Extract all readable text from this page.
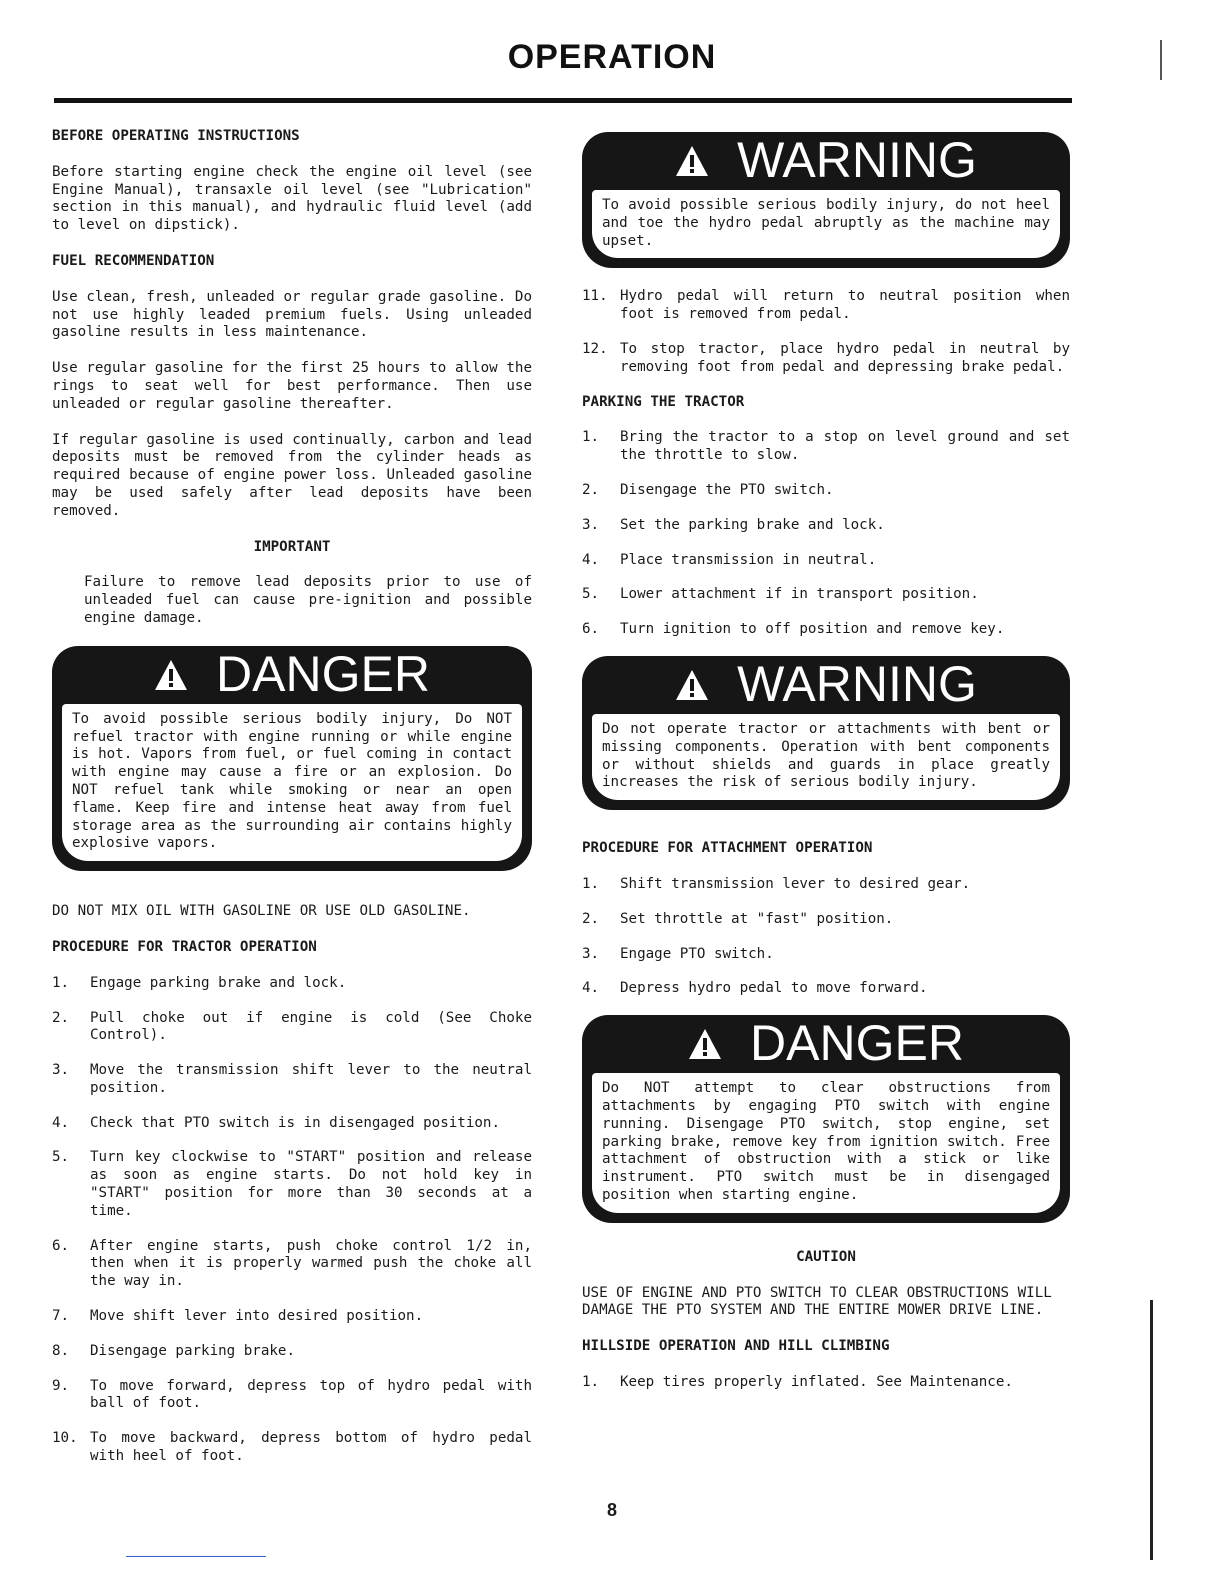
OPERATION
BEFORE OPERATING INSTRUCTIONS
Before starting engine check the engine oil level (see Engine Manual), transaxle oil level (see "Lubrication" section in this manual), and hydraulic fluid level (add to level on dipstick).
FUEL RECOMMENDATION
Use clean, fresh, unleaded or regular grade gasoline. Do not use highly leaded premium fuels. Using unleaded gasoline results in less maintenance.
Use regular gasoline for the first 25 hours to allow the rings to seat well for best performance. Then use unleaded or regular gasoline thereafter.
If regular gasoline is used continually, carbon and lead deposits must be removed from the cylinder heads as required because of engine power loss. Unleaded gasoline may be used safely after lead deposits have been removed.
IMPORTANT
Failure to remove lead deposits prior to use of unleaded fuel can cause pre-ignition and possible engine damage.
DANGER
To avoid possible serious bodily injury, Do NOT refuel tractor with engine running or while engine is hot. Vapors from fuel, or fuel coming in contact with engine may cause a fire or an explosion. Do NOT refuel tank while smoking or near an open flame. Keep fire and intense heat away from fuel storage area as the surrounding air contains highly explosive vapors.
DO NOT MIX OIL WITH GASOLINE OR USE OLD GASOLINE.
PROCEDURE FOR TRACTOR OPERATION
1.	Engage parking brake and lock.
2.	Pull choke out if engine is cold (See Choke Control).
3.	Move the transmission shift lever to the neutral position.
4.	Check that PTO switch is in disengaged position.
5.	Turn key clockwise to "START" position and release as soon as engine starts. Do not hold key in "START" position for more than 30 seconds at a time.
6.	After engine starts, push choke control 1/2 in, then when it is properly warmed push the choke all the way in.
7.	Move shift lever into desired position.
8.	Disengage parking brake.
9.	To move forward, depress top of hydro pedal with ball of foot.
10. To move backward, depress bottom of hydro pedal with heel of foot.
WARNING
To avoid possible serious bodily injury, do not heel and toe the hydro pedal abruptly as the machine may upset.
11. Hydro pedal will return to neutral position when foot is removed from pedal.
12. To stop tractor, place hydro pedal in neutral by removing foot from pedal and depressing brake pedal.
PARKING THE TRACTOR
1.	Bring the tractor to a stop on level ground and set the throttle to slow.
2.	Disengage the PTO switch.
3.	Set the parking brake and lock.
4.	Place transmission in neutral.
5.	Lower attachment if in transport position.
6.	Turn ignition to off position and remove key.
WARNING
Do not operate tractor or attachments with bent or missing components. Operation with bent components or without shields and guards in place greatly increases the risk of serious bodily injury.
PROCEDURE FOR ATTACHMENT OPERATION
1.	Shift transmission lever to desired gear.
2.	Set throttle at "fast" position.
3.	Engage PTO switch.
4.	Depress hydro pedal to move forward.
DANGER
Do NOT attempt to clear obstructions from attachments by engaging PTO switch with engine running. Disengage PTO switch, stop engine, set parking brake, remove key from ignition switch. Free attachment of obstruction with a stick or like instrument. PTO switch must be in disengaged position when starting engine.
CAUTION
USE OF ENGINE AND PTO SWITCH TO CLEAR OBSTRUCTIONS WILL DAMAGE THE PTO SYSTEM AND THE ENTIRE MOWER DRIVE LINE.
HILLSIDE OPERATION AND HILL CLIMBING
1.	Keep tires properly inflated. See Maintenance.
8
